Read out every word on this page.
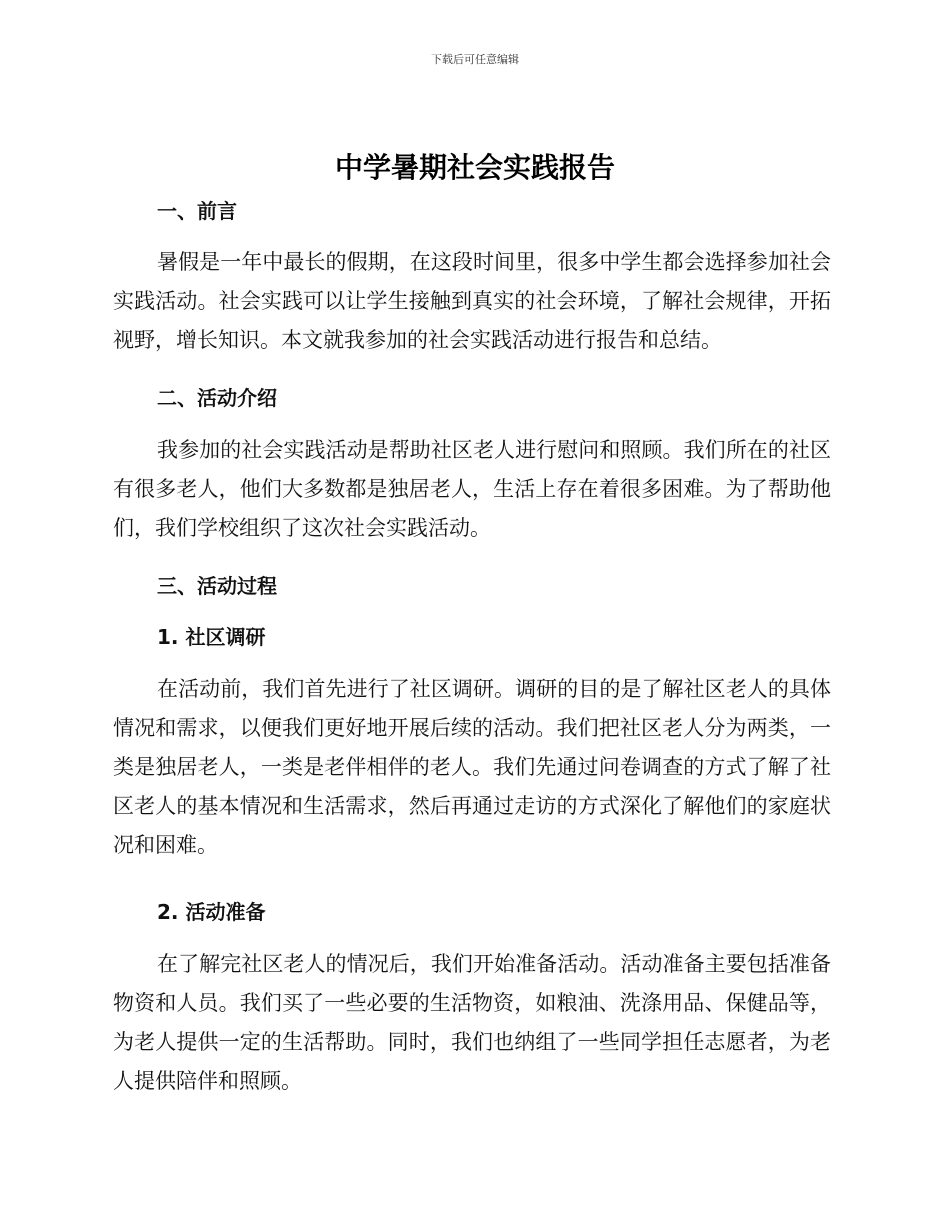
下载后可任意编辑
中学暑期社会实践报告
一、前言

暑假是一年中最长的假期，在这段时间里，很多中学生都会选择参加社会实践活动。社会实践可以让学生接触到真实的社会环境，了解社会规律，开拓视野，增长知识。本文就我参加的社会实践活动进行报告和总结。

二、活动介绍

我参加的社会实践活动是帮助社区老人进行慰问和照顾。我们所在的社区有很多老人，他们大多数都是独居老人，生活上存在着很多困难。为了帮助他们，我们学校组织了这次社会实践活动。

三、活动过程
1. 社区调研

在活动前，我们首先进行了社区调研。调研的目的是了解社区老人的具体情况和需求，以便我们更好地开展后续的活动。我们把社区老人分为两类，一类是独居老人，一类是老伴相伴的老人。我们先通过问卷调查的方式了解了社区老人的基本情况和生活需求，然后再通过走访的方式深化了解他们的家庭状况和困难。

2. 活动准备

在了解完社区老人的情况后，我们开始准备活动。活动准备主要包括准备物资和人员。我们买了一些必要的生活物资，如粮油、洗涤用品、保健品等，为老人提供一定的生活帮助。同时，我们也纳组了一些同学担任志愿者，为老人提供陪伴和照顾。
